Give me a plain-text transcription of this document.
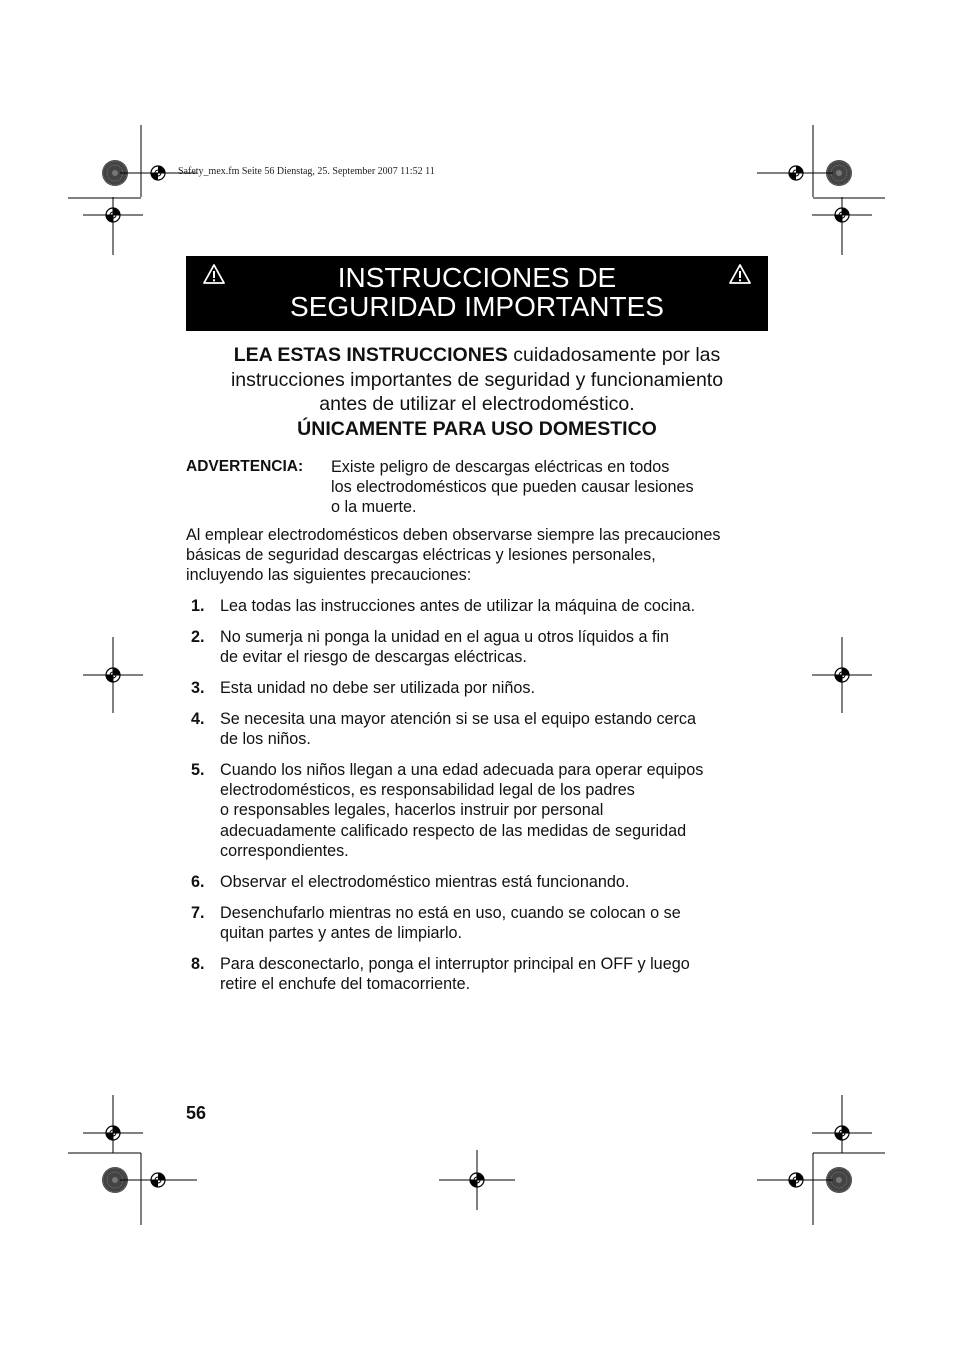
Safety_mex.fm Seite 56 Dienstag, 25. September 2007 11:52 11
INSTRUCCIONES DE
SEGURIDAD IMPORTANTES
LEA ESTAS INSTRUCCIONES cuidadosamente por las
instrucciones importantes de seguridad y funcionamiento
antes de utilizar el electrodoméstico.
ÚNICAMENTE PARA USO DOMESTICO
ADVERTENCIA: Existe peligro de descargas eléctricas en todos
los electrodomésticos que pueden causar lesiones
o la muerte.
Al emplear electrodomésticos deben observarse siempre las precauciones
básicas de seguridad descargas eléctricas y lesiones personales,
incluyendo las siguientes precauciones:
1. Lea todas las instrucciones antes de utilizar la máquina de cocina.
2. No sumerja ni ponga la unidad en el agua u otros líquidos a fin
de evitar el riesgo de descargas eléctricas.
3. Esta unidad no debe ser utilizada por niños.
4. Se necesita una mayor atención si se usa el equipo estando cerca
de los niños.
5. Cuando los niños llegan a una edad adecuada para operar equipos
electrodomésticos, es responsabilidad legal de los padres
o responsables legales, hacerlos instruir por personal
adecuadamente calificado respecto de las medidas de seguridad
correspondientes.
6. Observar el electrodoméstico mientras está funcionando.
7. Desenchufarlo mientras no está en uso, cuando se colocan o se
quitan partes y antes de limpiarlo.
8. Para desconectarlo, ponga el interruptor principal en OFF y luego
retire el enchufe del tomacorriente.
56
